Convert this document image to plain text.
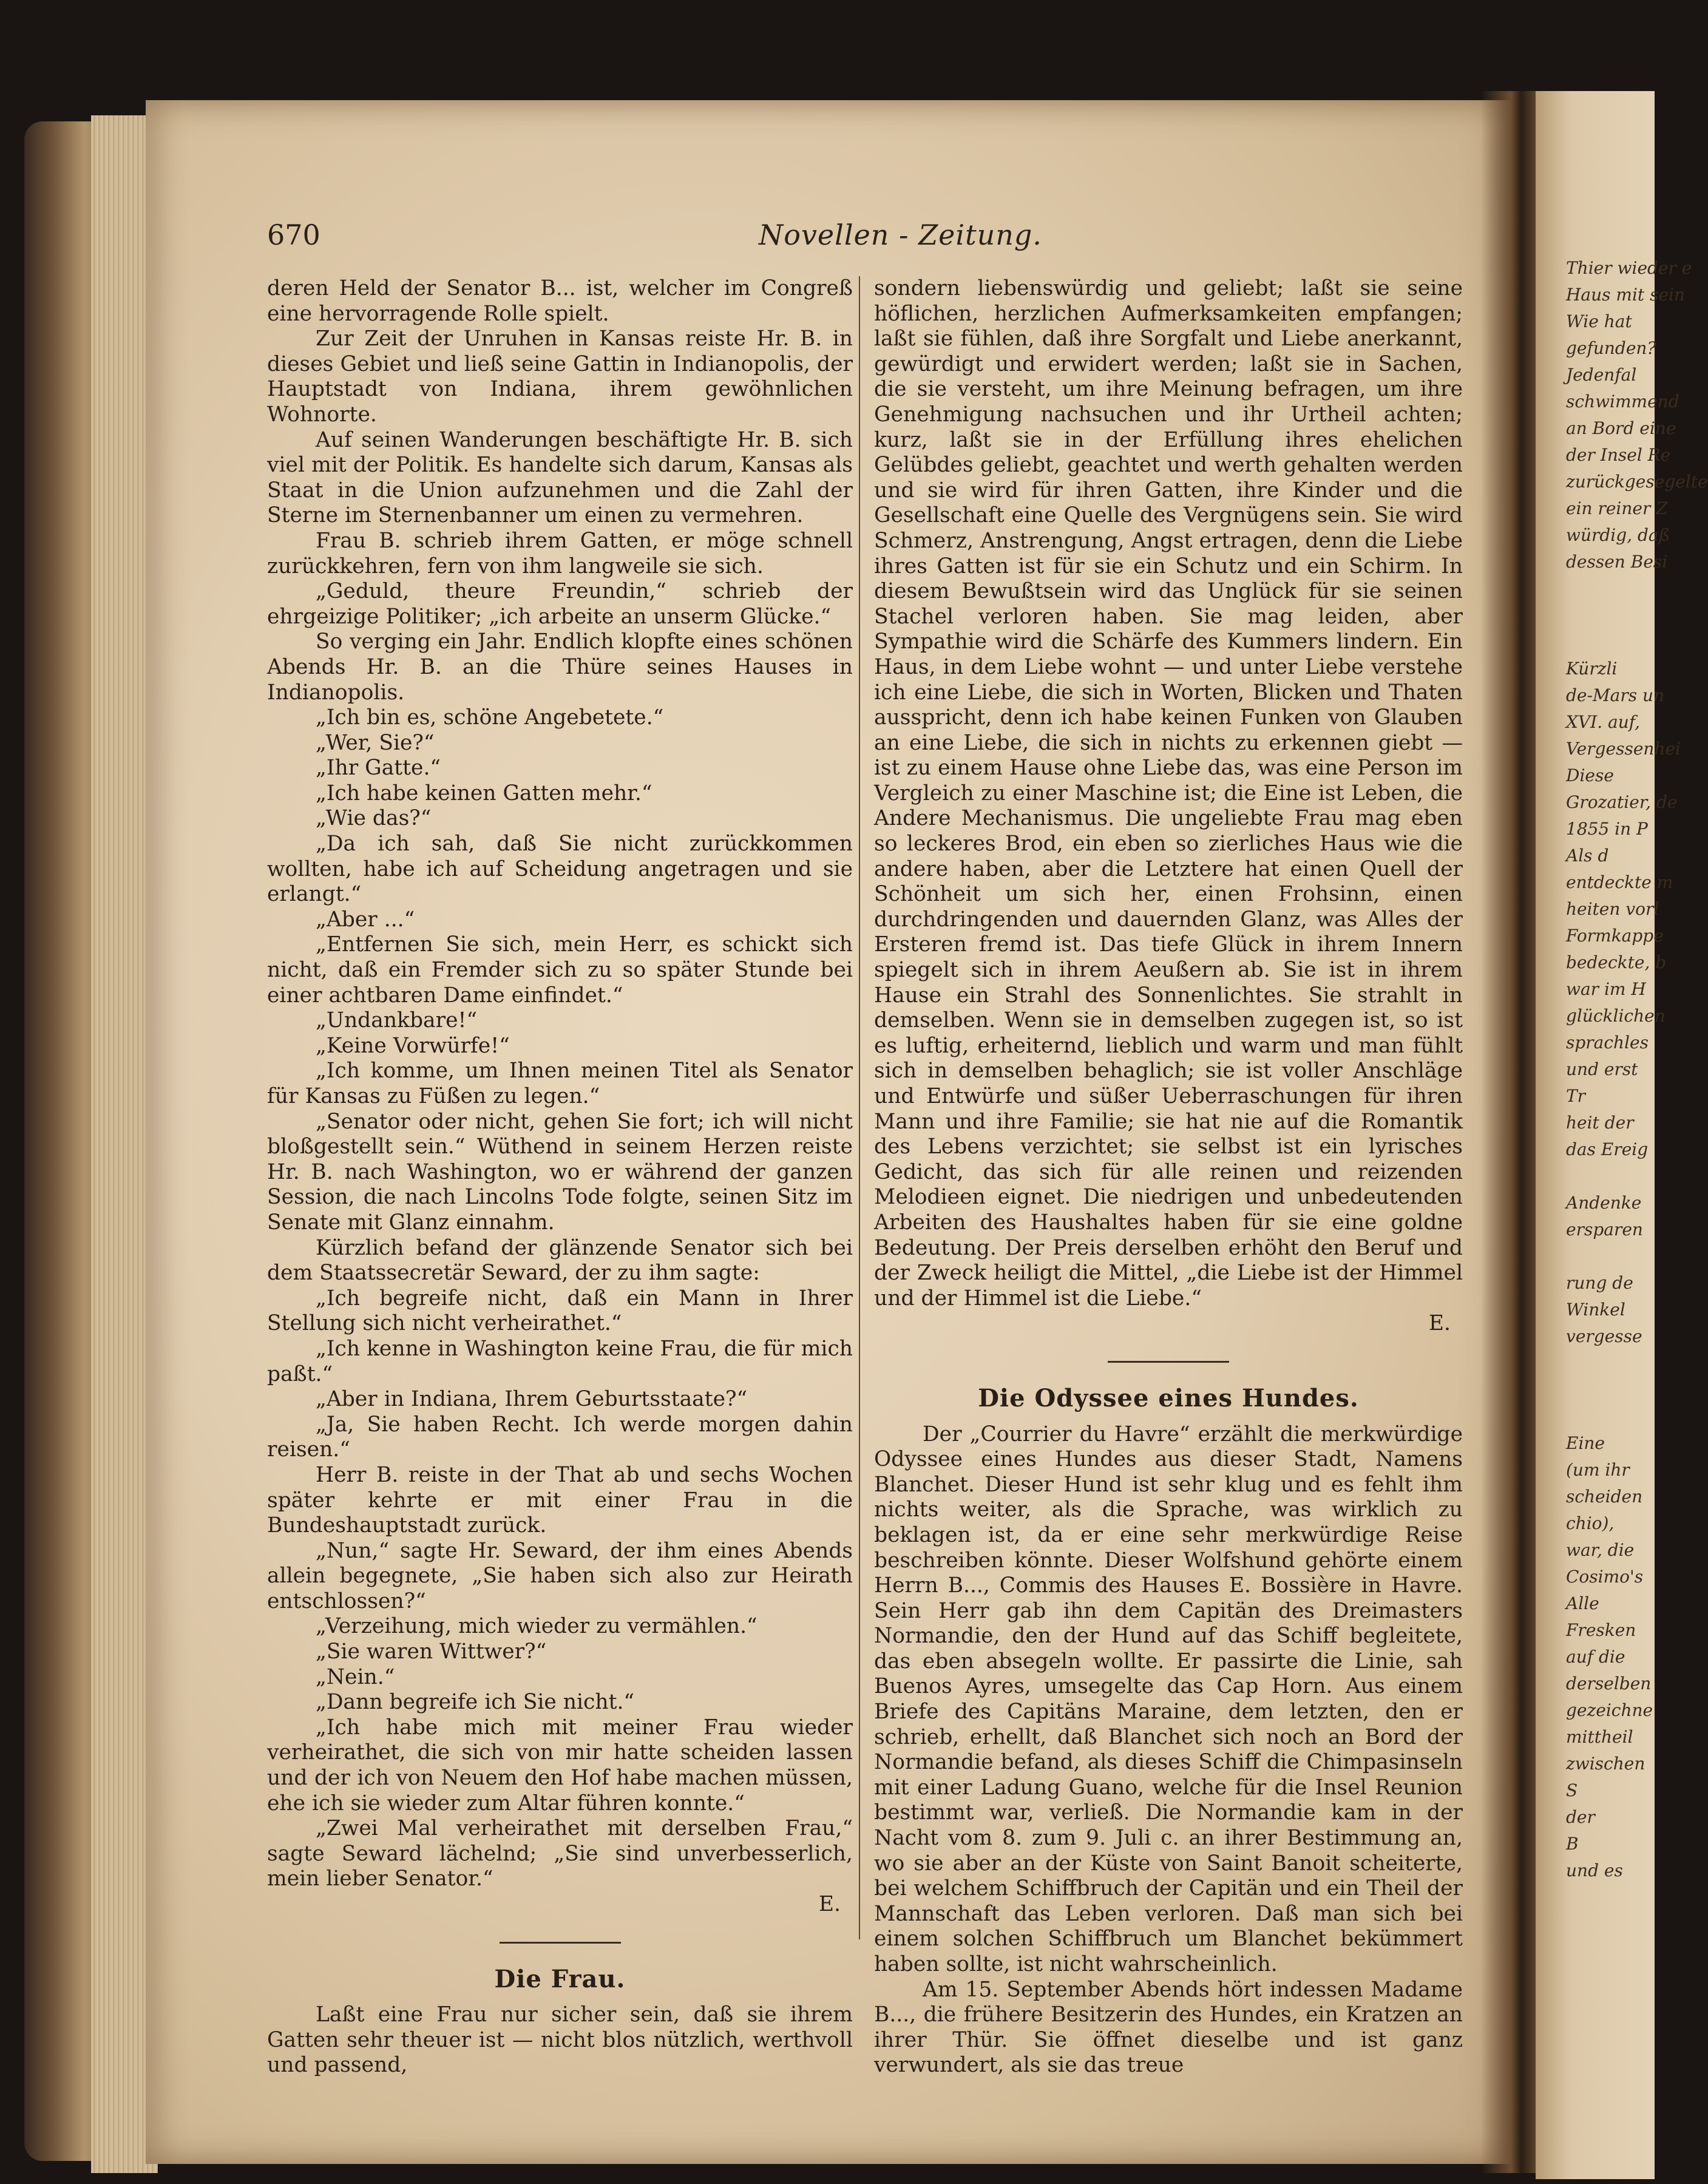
670	Novellen - Zeitung.

deren Held der Senator B... ist, welcher im Congreß eine hervorragende Rolle spielt.

Zur Zeit der Unruhen in Kansas reiste Hr. B. in dieses Gebiet und ließ seine Gattin in Indianopolis, der Hauptstadt von Indiana, ihrem gewöhnlichen Wohnorte.

Auf seinen Wanderungen beschäftigte Hr. B. sich viel mit der Politik. Es handelte sich darum, Kansas als Staat in die Union aufzunehmen und die Zahl der Sterne im Sternenbanner um einen zu vermehren.

Frau B. schrieb ihrem Gatten, er möge schnell zurückkehren, fern von ihm langweile sie sich.

„Geduld, theure Freundin,“ schrieb der ehrgeizige Politiker; „ich arbeite an unserm Glücke.“

So verging ein Jahr. Endlich klopfte eines schönen Abends Hr. B. an die Thüre seines Hauses in Indianopolis.

„Ich bin es, schöne Angebetete.“

„Wer, Sie?“

„Ihr Gatte.“

„Ich habe keinen Gatten mehr.“

„Wie das?“

„Da ich sah, daß Sie nicht zurückkommen wollten, habe ich auf Scheidung angetragen und sie erlangt.“

„Aber ...“

„Entfernen Sie sich, mein Herr, es schickt sich nicht, daß ein Fremder sich zu so später Stunde bei einer achtbaren Dame einfindet.“

„Undankbare!“

„Keine Vorwürfe!“

„Ich komme, um Ihnen meinen Titel als Senator für Kansas zu Füßen zu legen.“

„Senator oder nicht, gehen Sie fort; ich will nicht bloßgestellt sein.“ Wüthend in seinem Herzen reiste Hr. B. nach Washington, wo er während der ganzen Session, die nach Lincolns Tode folgte, seinen Sitz im Senate mit Glanz einnahm.

Kürzlich befand der glänzende Senator sich bei dem Staatssecretär Seward, der zu ihm sagte:

„Ich begreife nicht, daß ein Mann in Ihrer Stellung sich nicht verheirathet.“

„Ich kenne in Washington keine Frau, die für mich paßt.“

„Aber in Indiana, Ihrem Geburtsstaate?“

„Ja, Sie haben Recht. Ich werde morgen dahin reisen.“

Herr B. reiste in der That ab und sechs Wochen später kehrte er mit einer Frau in die Bundeshauptstadt zurück.

„Nun,“ sagte Hr. Seward, der ihm eines Abends allein begegnete, „Sie haben sich also zur Heirath entschlossen?“

„Verzeihung, mich wieder zu vermählen.“

„Sie waren Wittwer?“

„Nein.“

„Dann begreife ich Sie nicht.“

„Ich habe mich mit meiner Frau wieder verheirathet, die sich von mir hatte scheiden lassen und der ich von Neuem den Hof habe machen müssen, ehe ich sie wieder zum Altar führen konnte.“

„Zwei Mal verheirathet mit derselben Frau,“ sagte Seward lächelnd; „Sie sind unverbesserlich, mein lieber Senator.“

E.

Die Frau.

Laßt eine Frau nur sicher sein, daß sie ihrem Gatten sehr theuer ist — nicht blos nützlich, werthvoll und passend,

sondern liebenswürdig und geliebt; laßt sie seine höflichen, herzlichen Aufmerksamkeiten empfangen; laßt sie fühlen, daß ihre Sorgfalt und Liebe anerkannt, gewürdigt und erwidert werden; laßt sie in Sachen, die sie versteht, um ihre Meinung befragen, um ihre Genehmigung nachsuchen und ihr Urtheil achten; kurz, laßt sie in der Erfüllung ihres ehelichen Gelübdes geliebt, geachtet und werth gehalten werden und sie wird für ihren Gatten, ihre Kinder und die Gesellschaft eine Quelle des Vergnügens sein. Sie wird Schmerz, Anstrengung, Angst ertragen, denn die Liebe ihres Gatten ist für sie ein Schutz und ein Schirm. In diesem Bewußtsein wird das Unglück für sie seinen Stachel verloren haben. Sie mag leiden, aber Sympathie wird die Schärfe des Kummers lindern. Ein Haus, in dem Liebe wohnt — und unter Liebe verstehe ich eine Liebe, die sich in Worten, Blicken und Thaten ausspricht, denn ich habe keinen Funken von Glauben an eine Liebe, die sich in nichts zu erkennen giebt — ist zu einem Hause ohne Liebe das, was eine Person im Vergleich zu einer Maschine ist; die Eine ist Leben, die Andere Mechanismus. Die ungeliebte Frau mag eben so leckeres Brod, ein eben so zierliches Haus wie die andere haben, aber die Letztere hat einen Quell der Schönheit um sich her, einen Frohsinn, einen durchdringenden und dauernden Glanz, was Alles der Ersteren fremd ist. Das tiefe Glück in ihrem Innern spiegelt sich in ihrem Aeußern ab. Sie ist in ihrem Hause ein Strahl des Sonnenlichtes. Sie strahlt in demselben. Wenn sie in demselben zugegen ist, so ist es luftig, erheiternd, lieblich und warm und man fühlt sich in demselben behaglich; sie ist voller Anschläge und Entwürfe und süßer Ueberraschungen für ihren Mann und ihre Familie; sie hat nie auf die Romantik des Lebens verzichtet; sie selbst ist ein lyrisches Gedicht, das sich für alle reinen und reizenden Melodieen eignet. Die niedrigen und unbedeutenden Arbeiten des Haushaltes haben für sie eine goldne Bedeutung. Der Preis derselben erhöht den Beruf und der Zweck heiligt die Mittel, „die Liebe ist der Himmel und der Himmel ist die Liebe.“

E.

Die Odyssee eines Hundes.

Der „Courrier du Havre“ erzählt die merkwürdige Odyssee eines Hundes aus dieser Stadt, Namens Blanchet. Dieser Hund ist sehr klug und es fehlt ihm nichts weiter, als die Sprache, was wirklich zu beklagen ist, da er eine sehr merkwürdige Reise beschreiben könnte. Dieser Wolfshund gehörte einem Herrn B..., Commis des Hauses E. Bossière in Havre. Sein Herr gab ihn dem Capitän des Dreimasters Normandie, den der Hund auf das Schiff begleitete, das eben absegeln wollte. Er passirte die Linie, sah Buenos Ayres, umsegelte das Cap Horn. Aus einem Briefe des Capitäns Maraine, dem letzten, den er schrieb, erhellt, daß Blanchet sich noch an Bord der Normandie befand, als dieses Schiff die Chimpasinseln mit einer Ladung Guano, welche für die Insel Reunion bestimmt war, verließ. Die Normandie kam in der Nacht vom 8. zum 9. Juli c. an ihrer Bestimmung an, wo sie aber an der Küste von Saint Banoit scheiterte, bei welchem Schiffbruch der Capitän und ein Theil der Mannschaft das Leben verloren. Daß man sich bei einem solchen Schiffbruch um Blanchet bekümmert haben sollte, ist nicht wahrscheinlich.

Am 15. September Abends hört indessen Madame B..., die frühere Besitzerin des Hundes, ein Kratzen an ihrer Thür. Sie öffnet dieselbe und ist ganz verwundert, als sie das treue

Thier wieder e

Haus mit sein

Wie hat

gefunden?

Jedenfal

schwimmend

an Bord eine

der Insel Re

zurückgesegelte

ein reiner Z

würdig, daß

dessen Besi

Kürzli

de-Mars un

XVI. auf,

Vergessenhei

Diese

Grozatier, de

1855 in P

Als d

entdeckte m

heiten vorl

Formkappe

bedeckte, b

war im H

glücklichen

sprachles

und erst

Tr

heit der

das Ereig

Andenke

ersparen

rung de

Winkel

vergesse

Eine

(um ihr

scheiden

chio),

war, die

Cosimo's

Alle

Fresken

auf die

derselben

gezeichne

mittheil

zwischen

S

der

B

und es
